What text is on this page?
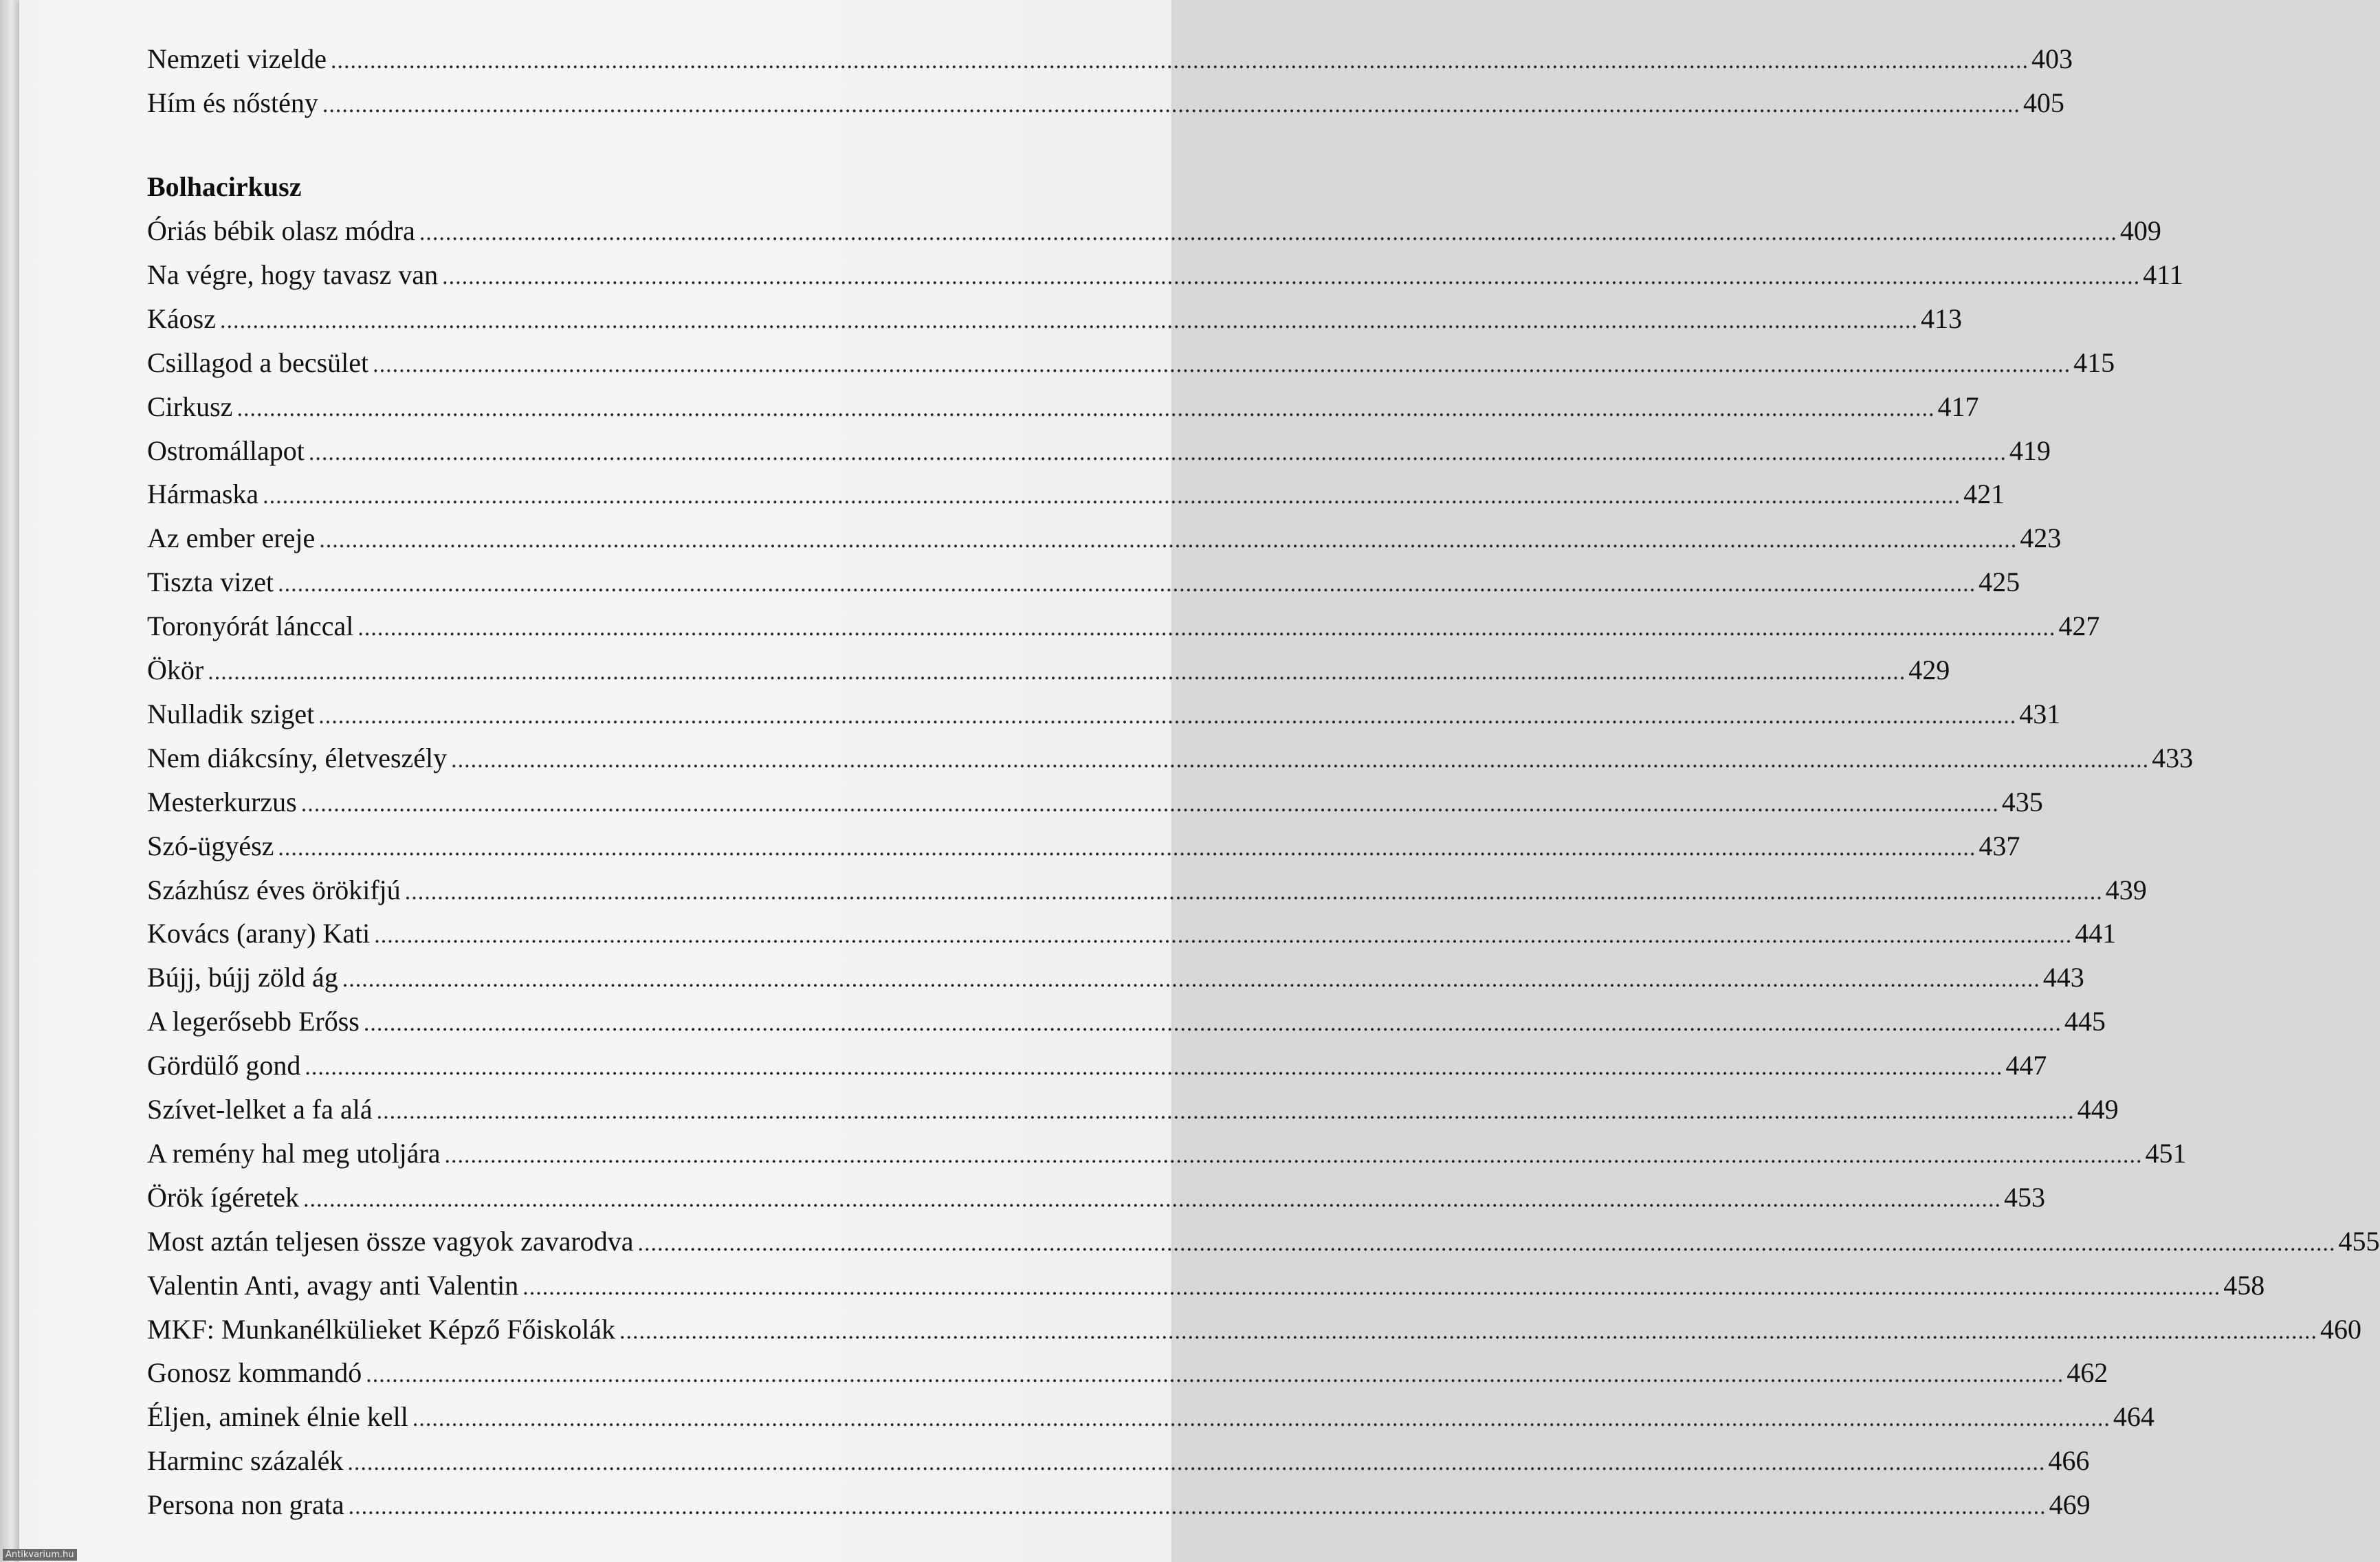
Bolhacirkusz
Nemzeti vizelde .................................................................................................................................................................................................................................................................... 403
Hím és nőstény .................................................................................................................................................................................................................................................................... 405
Óriás bébik olasz módra .................................................................................................................................................................................................................................................................... 409
Na végre, hogy tavasz van .................................................................................................................................................................................................................................................................... 411
Káosz .................................................................................................................................................................................................................................................................... 413
Csillagod a becsület .................................................................................................................................................................................................................................................................... 415
Cirkusz .................................................................................................................................................................................................................................................................... 417
Ostromállapot .................................................................................................................................................................................................................................................................... 419
Hármaska .................................................................................................................................................................................................................................................................... 421
Az ember ereje .................................................................................................................................................................................................................................................................... 423
Tiszta vizet .................................................................................................................................................................................................................................................................... 425
Toronyórát lánccal .................................................................................................................................................................................................................................................................... 427
Ökör .................................................................................................................................................................................................................................................................... 429
Nulladik sziget .................................................................................................................................................................................................................................................................... 431
Nem diákcsíny, életveszély .................................................................................................................................................................................................................................................................... 433
Mesterkurzus .................................................................................................................................................................................................................................................................... 435
Szó-ügyész .................................................................................................................................................................................................................................................................... 437
Százhúsz éves örökifjú .................................................................................................................................................................................................................................................................... 439
Kovács (arany) Kati .................................................................................................................................................................................................................................................................... 441
Bújj, bújj zöld ág .................................................................................................................................................................................................................................................................... 443
A legerősebb Erőss .................................................................................................................................................................................................................................................................... 445
Gördülő gond .................................................................................................................................................................................................................................................................... 447
Szívet-lelket a fa alá .................................................................................................................................................................................................................................................................... 449
A remény hal meg utoljára .................................................................................................................................................................................................................................................................... 451
Örök ígéretek .................................................................................................................................................................................................................................................................... 453
Most aztán teljesen össze vagyok zavarodva .................................................................................................................................................................................................................................................................... 455
Valentin Anti, avagy anti Valentin .................................................................................................................................................................................................................................................................... 458
MKF: Munkanélkülieket Képző Főiskolák .................................................................................................................................................................................................................................................................... 460
Gonosz kommandó .................................................................................................................................................................................................................................................................... 462
Éljen, aminek élnie kell .................................................................................................................................................................................................................................................................... 464
Harminc százalék .................................................................................................................................................................................................................................................................... 466
Persona non grata .................................................................................................................................................................................................................................................................... 469
Antikvarium.hu
